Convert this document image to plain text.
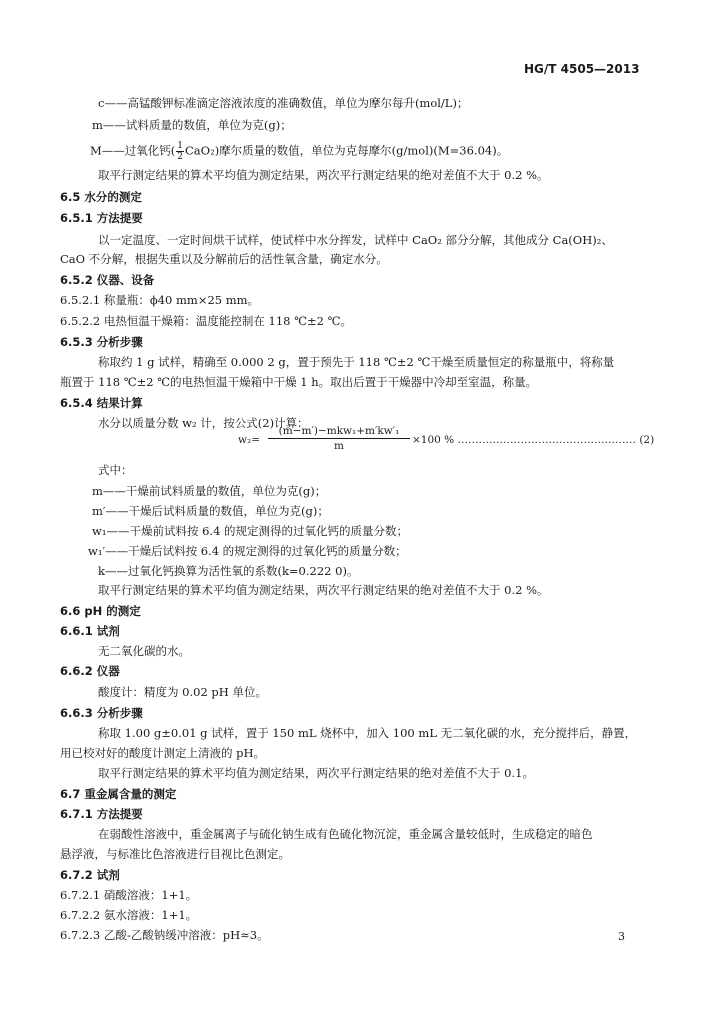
HG/T 4505—2013
c——高锰酸钾标准滴定溶液浓度的准确数值，单位为摩尔每升(mol/L)；
m——试料质量的数值，单位为克(g)；
M——过氧化钙( $\frac{1}{2} CaO_2$)摩尔质量的数值，单位为克每摩尔(g/mol)(M=36.04)。
取平行测定结果的算术平均值为测定结果，两次平行测定结果的绝对差值不大于 0.2 %。
6.5 水分的测定
6.5.1 方法提要
以一定温度、一定时间烘干试样，使试样中水分挥发，试样中 CaO₂ 部分分解，其他成分 Ca(OH)₂、
CaO 不分解，根据失重以及分解前后的活性氧含量，确定水分。
6.5.2 仪器、设备
6.5.2.1 称量瓶：ϕ40 mm×25 mm。
6.5.2.2 电热恒温干燥箱：温度能控制在 118 ℃±2 ℃。
6.5.3 分析步骤
称取约 1 g 试样，精确至 0.000 2 g，置于预先于 118 ℃±2 ℃干燥至质量恒定的称量瓶中，将称量
瓶置于 118 ℃±2 ℃的电热恒温干燥箱中干燥 1 h。取出后置于干燥器中冷却至室温，称量。
6.5.4 结果计算
水分以质量分数 w₂ 计，按公式(2)计算：
w₂=
(m−m′)−mkw₁+m′kw′₁
m	×100 % …………………………………………… (2)
式中：
m——干燥前试料质量的数值，单位为克(g)；
m′——干燥后试料质量的数值，单位为克(g)；
w₁——干燥前试料按 6.4 的规定测得的过氧化钙的质量分数；
w₁′——干燥后试料按 6.4 的规定测得的过氧化钙的质量分数；
k——过氧化钙换算为活性氧的系数(k=0.222 0)。
取平行测定结果的算术平均值为测定结果，两次平行测定结果的绝对差值不大于 0.2 %。
6.6 pH 的测定
6.6.1 试剂
无二氧化碳的水。
6.6.2 仪器
酸度计：精度为 0.02 pH 单位。
6.6.3 分析步骤
称取 1.00 g±0.01 g 试样，置于 150 mL 烧杯中，加入 100 mL 无二氧化碳的水，充分搅拌后，静置，
用已校对好的酸度计测定上清液的 pH。
取平行测定结果的算术平均值为测定结果，两次平行测定结果的绝对差值不大于 0.1。
6.7 重金属含量的测定
6.7.1 方法提要
在弱酸性溶液中，重金属离子与硫化钠生成有色硫化物沉淀，重金属含量较低时，生成稳定的暗色
悬浮液，与标准比色溶液进行目视比色测定。
6.7.2 试剂
6.7.2.1 硝酸溶液：1+1。
6.7.2.2 氨水溶液：1+1。
6.7.2.3 乙酸-乙酸钠缓冲溶液：pH≈3。	3
